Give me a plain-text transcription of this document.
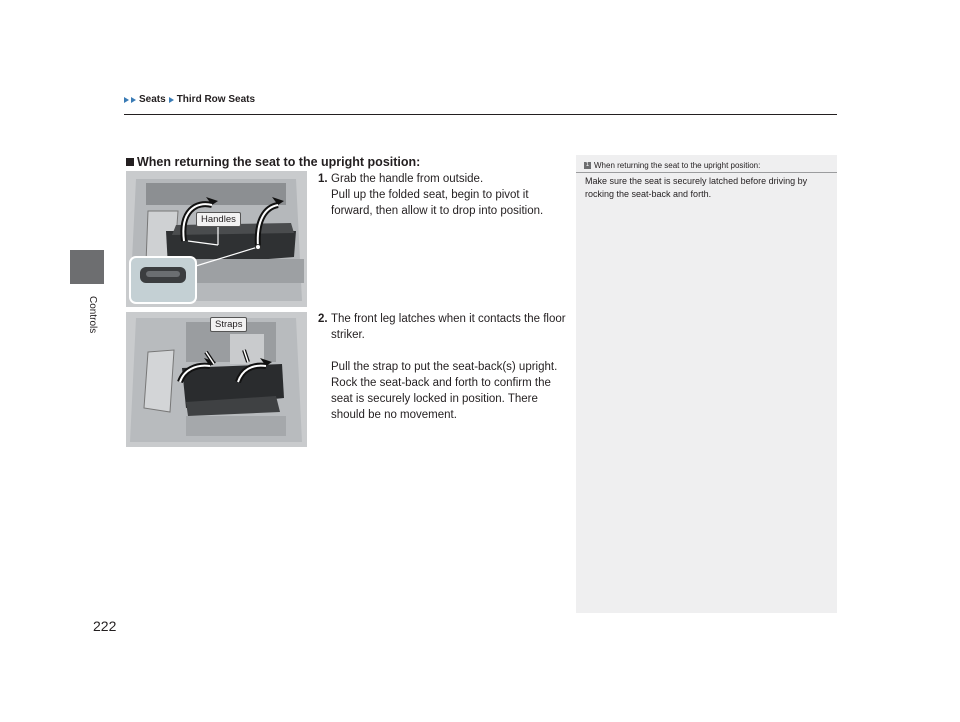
Seats Third Row Seats
Controls
When returning the seat to the upright position:
Handles
Straps
1. Grab the handle from outside.

Pull up the folded seat, begin to pivot it forward, then allow it to drop into position.

2. The front leg latches when it contacts the floor striker.

Pull the strap to put the seat-back(s) upright. Rock the seat-back and forth to confirm the seat is securely locked in position. There should be no movement.

1 When returning the seat to the upright position:
Make sure the seat is securely latched before driving by rocking the seat-back and forth.
222
